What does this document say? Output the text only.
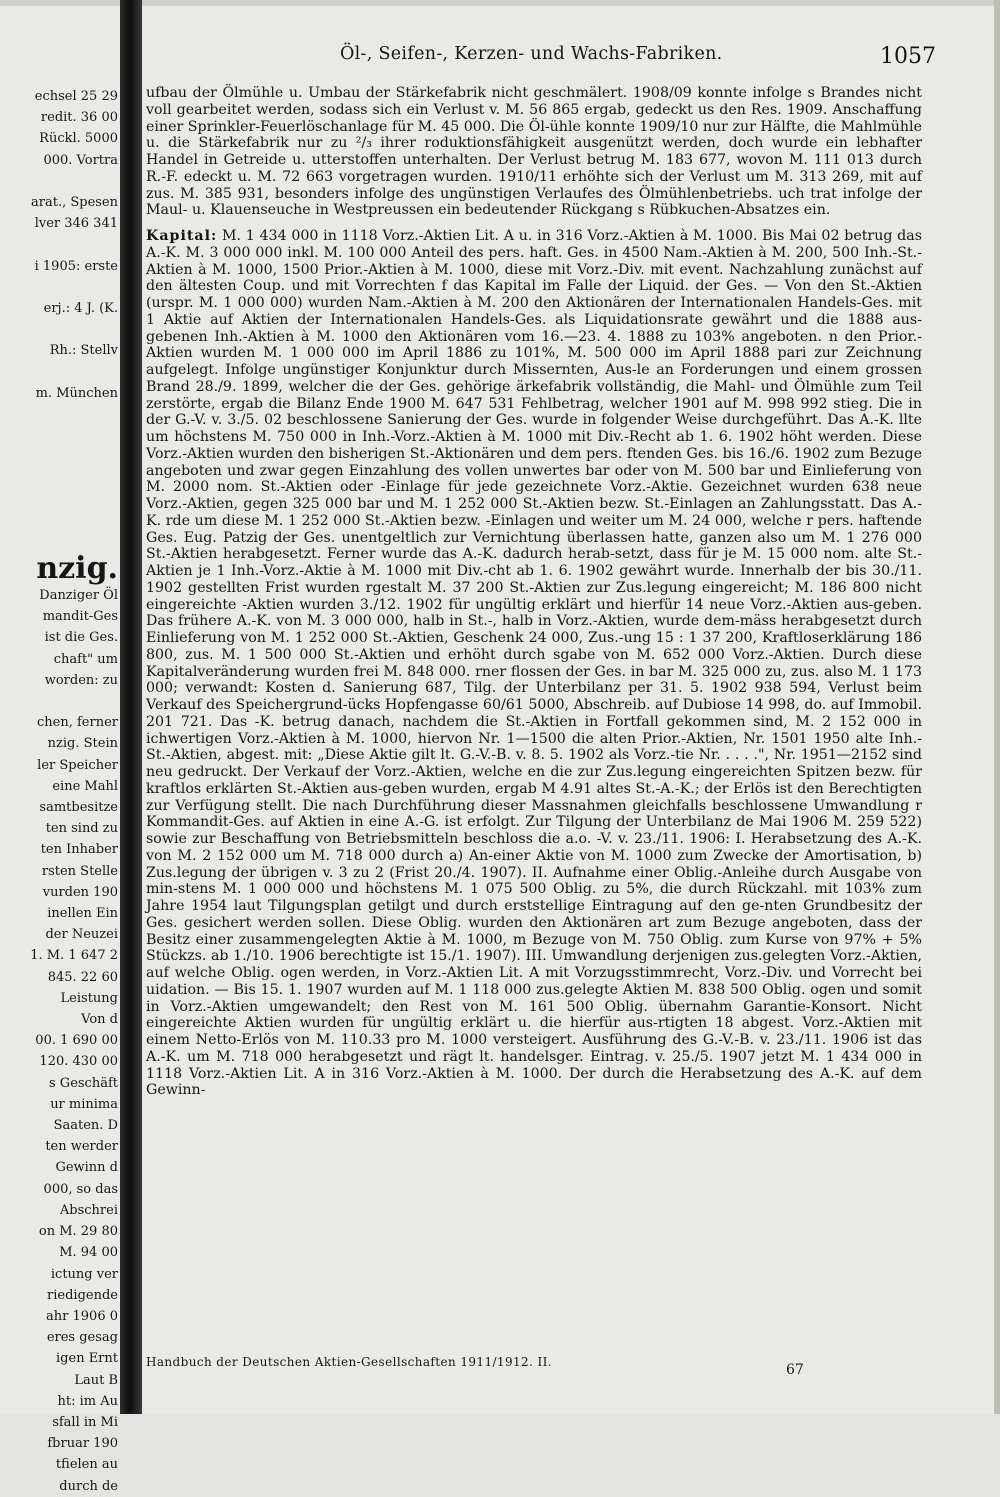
echsel 25 29
redit. 36 00
Rückl. 5000
000. Vortra

arat., Spesen
lver 346 341

i 1905: erste

erj.: 4 J. (K.

Rh.: Stellv

m. München
nzig.
Danziger Öl
mandit-Ges
ist die Ges.
chaft" um
worden: zu

chen, ferner
nzig. Stein
ler Speicher
eine Mahl
samtbesitze
ten sind zu
ten Inhaber
rsten Stelle
vurden 190
inellen Ein
der Neuzei
1. M. 1 647 2
845. 22 60
Leistung
Von d
00. 1 690 00
120. 430 00
s Geschäft
ur minima
Saaten. D
ten werder
Gewinn d
000, so das
Abschrei
on M. 29 80
M. 94 00
ictung ver
riedigende
ahr 1906 0
eres gesag
igen Ernt
Laut B
ht: im Au
sfall in Mi
fbruar 190
tfielen au
durch de
Öl-, Seifen-, Kerzen- und Wachs-Fabriken.	1057

ufbau der Ölmühle u. Umbau der Stärkefabrik nicht geschmälert. 1908/09 konnte infolge s Brandes nicht voll gearbeitet werden, sodass sich ein Verlust v. M. 56 865 ergab, gedeckt us den Res. 1909. Anschaffung einer Sprinkler-Feuerlöschanlage für M. 45 000. Die Öl-ühle konnte 1909/10 nur zur Hälfte, die Mahlmühle u. die Stärkefabrik nur zu ²/₃ ihrer roduktionsfähigkeit ausgenützt werden, doch wurde ein lebhafter Handel in Getreide u. utterstoffen unterhalten. Der Verlust betrug M. 183 677, wovon M. 111 013 durch R.-F. edeckt u. M. 72 663 vorgetragen wurden. 1910/11 erhöhte sich der Verlust um M. 313 269, mit auf zus. M. 385 931, besonders infolge des ungünstigen Verlaufes des Ölmühlenbetriebs. uch trat infolge der Maul- u. Klauenseuche in Westpreussen ein bedeutender Rückgang s Rübkuchen-Absatzes ein.

Kapital: M. 1 434 000 in 1118 Vorz.-Aktien Lit. A u. in 316 Vorz.-Aktien à M. 1000. Bis Mai 02 betrug das A.-K. M. 3 000 000 inkl. M. 100 000 Anteil des pers. haft. Ges. in 4500 Nam.-Aktien à M. 200, 500 Inh.-St.-Aktien à M. 1000, 1500 Prior.-Aktien à M. 1000, diese mit Vorz.-Div. mit event. Nachzahlung zunächst auf den ältesten Coup. und mit Vorrechten f das Kapital im Falle der Liquid. der Ges. — Von den St.-Aktien (urspr. M. 1 000 000) wurden Nam.-Aktien à M. 200 den Aktionären der Internationalen Handels-Ges. mit 1 Aktie auf Aktien der Internationalen Handels-Ges. als Liquidationsrate gewährt und die 1888 aus-gebenen Inh.-Aktien à M. 1000 den Aktionären vom 16.—23. 4. 1888 zu 103% angeboten. n den Prior.-Aktien wurden M. 1 000 000 im April 1886 zu 101%, M. 500 000 im April 1888 pari zur Zeichnung aufgelegt. Infolge ungünstiger Konjunktur durch Missernten, Aus-le an Forderungen und einem grossen Brand 28./9. 1899, welcher die der Ges. gehörige ärkefabrik vollständig, die Mahl- und Ölmühle zum Teil zerstörte, ergab die Bilanz Ende 1900 M. 647 531 Fehlbetrag, welcher 1901 auf M. 998 992 stieg. Die in der G.-V. v. 3./5. 02 beschlossene Sanierung der Ges. wurde in folgender Weise durchgeführt. Das A.-K. llte um höchstens M. 750 000 in Inh.-Vorz.-Aktien à M. 1000 mit Div.-Recht ab 1. 6. 1902 höht werden. Diese Vorz.-Aktien wurden den bisherigen St.-Aktionären und dem pers. ftenden Ges. bis 16./6. 1902 zum Bezuge angeboten und zwar gegen Einzahlung des vollen unwertes bar oder von M. 500 bar und Einlieferung von M. 2000 nom. St.-Aktien oder -Einlage für jede gezeichnete Vorz.-Aktie. Gezeichnet wurden 638 neue Vorz.-Aktien, gegen 325 000 bar und M. 1 252 000 St.-Aktien bezw. St.-Einlagen an Zahlungsstatt. Das A.-K. rde um diese M. 1 252 000 St.-Aktien bezw. -Einlagen und weiter um M. 24 000, welche r pers. haftende Ges. Eug. Patzig der Ges. unentgeltlich zur Vernichtung überlassen hatte, ganzen also um M. 1 276 000 St.-Aktien herabgesetzt. Ferner wurde das A.-K. dadurch herab-setzt, dass für je M. 15 000 nom. alte St.-Aktien je 1 Inh.-Vorz.-Aktie à M. 1000 mit Div.-cht ab 1. 6. 1902 gewährt wurde. Innerhalb der bis 30./11. 1902 gestellten Frist wurden rgestalt M. 37 200 St.-Aktien zur Zus.legung eingereicht; M. 186 800 nicht eingereichte -Aktien wurden 3./12. 1902 für ungültig erklärt und hierfür 14 neue Vorz.-Aktien aus-geben. Das frühere A.-K. von M. 3 000 000, halb in St.-, halb in Vorz.-Aktien, wurde dem-mäss herabgesetzt durch Einlieferung von M. 1 252 000 St.-Aktien, Geschenk 24 000, Zus.-ung 15 : 1 37 200, Kraftloserklärung 186 800, zus. M. 1 500 000 St.-Aktien und erhöht durch sgabe von M. 652 000 Vorz.-Aktien. Durch diese Kapitalveränderung wurden frei M. 848 000. rner flossen der Ges. in bar M. 325 000 zu, zus. also M. 1 173 000; verwandt: Kosten d. Sanierung 687, Tilg. der Unterbilanz per 31. 5. 1902 938 594, Verlust beim Verkauf des Speichergrund-ücks Hopfengasse 60/61 5000, Abschreib. auf Dubiose 14 998, do. auf Immobil. 201 721. Das -K. betrug danach, nachdem die St.-Aktien in Fortfall gekommen sind, M. 2 152 000 in ichwertigen Vorz.-Aktien à M. 1000, hiervon Nr. 1—1500 die alten Prior.-Aktien, Nr. 1501 1950 alte Inh.-St.-Aktien, abgest. mit: „Diese Aktie gilt lt. G.-V.-B. v. 8. 5. 1902 als Vorz.-tie Nr. . . . .", Nr. 1951—2152 sind neu gedruckt. Der Verkauf der Vorz.-Aktien, welche en die zur Zus.legung eingereichten Spitzen bezw. für kraftlos erklärten St.-Aktien aus-geben wurden, ergab M 4.91 altes St.-A.-K.; der Erlös ist den Berechtigten zur Verfügung stellt. Die nach Durchführung dieser Massnahmen gleichfalls beschlossene Umwandlung r Kommandit-Ges. auf Aktien in eine A.-G. ist erfolgt. Zur Tilgung der Unterbilanz de Mai 1906 M. 259 522) sowie zur Beschaffung von Betriebsmitteln beschloss die a.o. -V. v. 23./11. 1906: I. Herabsetzung des A.-K. von M. 2 152 000 um M. 718 000 durch a) An-einer Aktie von M. 1000 zum Zwecke der Amortisation, b) Zus.legung der übrigen v. 3 zu 2 (Frist 20./4. 1907). II. Aufnahme einer Oblig.-Anleihe durch Ausgabe von min-stens M. 1 000 000 und höchstens M. 1 075 500 Oblig. zu 5%, die durch Rückzahl. mit 103% zum Jahre 1954 laut Tilgungsplan getilgt und durch erststellige Eintragung auf den ge-nten Grundbesitz der Ges. gesichert werden sollen. Diese Oblig. wurden den Aktionären art zum Bezuge angeboten, dass der Besitz einer zusammengelegten Aktie à M. 1000, m Bezuge von M. 750 Oblig. zum Kurse von 97% + 5% Stückzs. ab 1./10. 1906 berechtigte ist 15./1. 1907). III. Umwandlung derjenigen zus.gelegten Vorz.-Aktien, auf welche Oblig. ogen werden, in Vorz.-Aktien Lit. A mit Vorzugsstimmrecht, Vorz.-Div. und Vorrecht bei uidation. — Bis 15. 1. 1907 wurden auf M. 1 118 000 zus.gelegte Aktien M. 838 500 Oblig. ogen und somit in Vorz.-Aktien umgewandelt; den Rest von M. 161 500 Oblig. übernahm Garantie-Konsort. Nicht eingereichte Aktien wurden für ungültig erklärt u. die hierfür aus-rtigten 18 abgest. Vorz.-Aktien mit einem Netto-Erlös von M. 110.33 pro M. 1000 versteigert. Ausführung des G.-V.-B. v. 23./11. 1906 ist das A.-K. um M. 718 000 herabgesetzt und rägt lt. handelsger. Eintrag. v. 25./5. 1907 jetzt M. 1 434 000 in 1118 Vorz.-Aktien Lit. A in 316 Vorz.-Aktien à M. 1000. Der durch die Herabsetzung des A.-K. auf dem Gewinn-

Handbuch der Deutschen Aktien-Gesellschaften 1911/1912. II.	67
